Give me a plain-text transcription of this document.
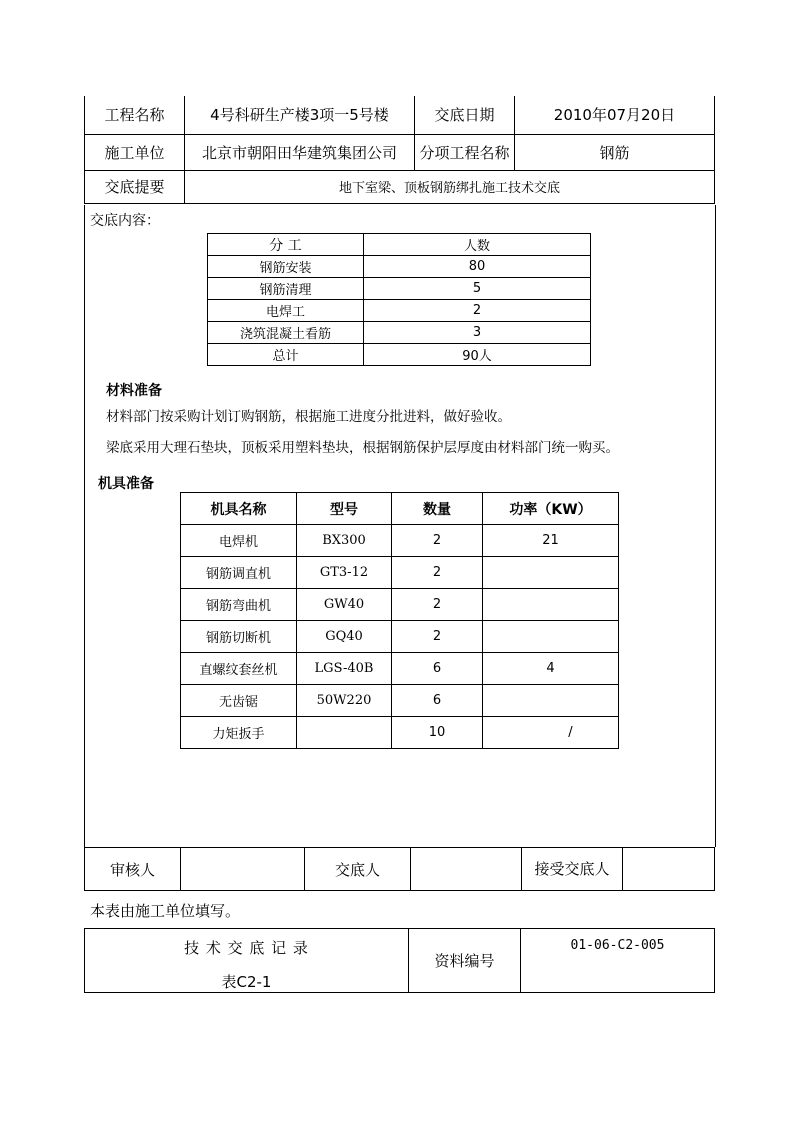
工程名称	4号科研生产楼3项一5号楼	交底日期	2010年07月20日
施工单位	北京市朝阳田华建筑集团公司	分项工程名称	钢筋
交底提要	地下室梁、顶板钢筋绑扎施工技术交底		
交底内容：
分 工	人数
钢筋安装	80
钢筋清理	5
电焊工	2
浇筑混凝土看筋	3
总计	90人
材料准备
材料部门按采购计划订购钢筋，根据施工进度分批进料，做好验收。
梁底采用大理石垫块，顶板采用塑料垫块，根据钢筋保护层厚度由材料部门统一购买。
机具准备
机具名称	型号	数量	功率（KW）
电焊机	BX300	2	21
钢筋调直机	GT3-12	2	
钢筋弯曲机	GW40	2	
钢筋切断机	GQ40	2	
直螺纹套丝机	LGS-40B	6	4
无齿锯	50W220	6	
力矩扳手		10	/
审核人		交底人		接受交底人	
本表由施工单位填写。
技 术 交 底 记 录
表C2-1
	资料编号	01-06-C2-005
